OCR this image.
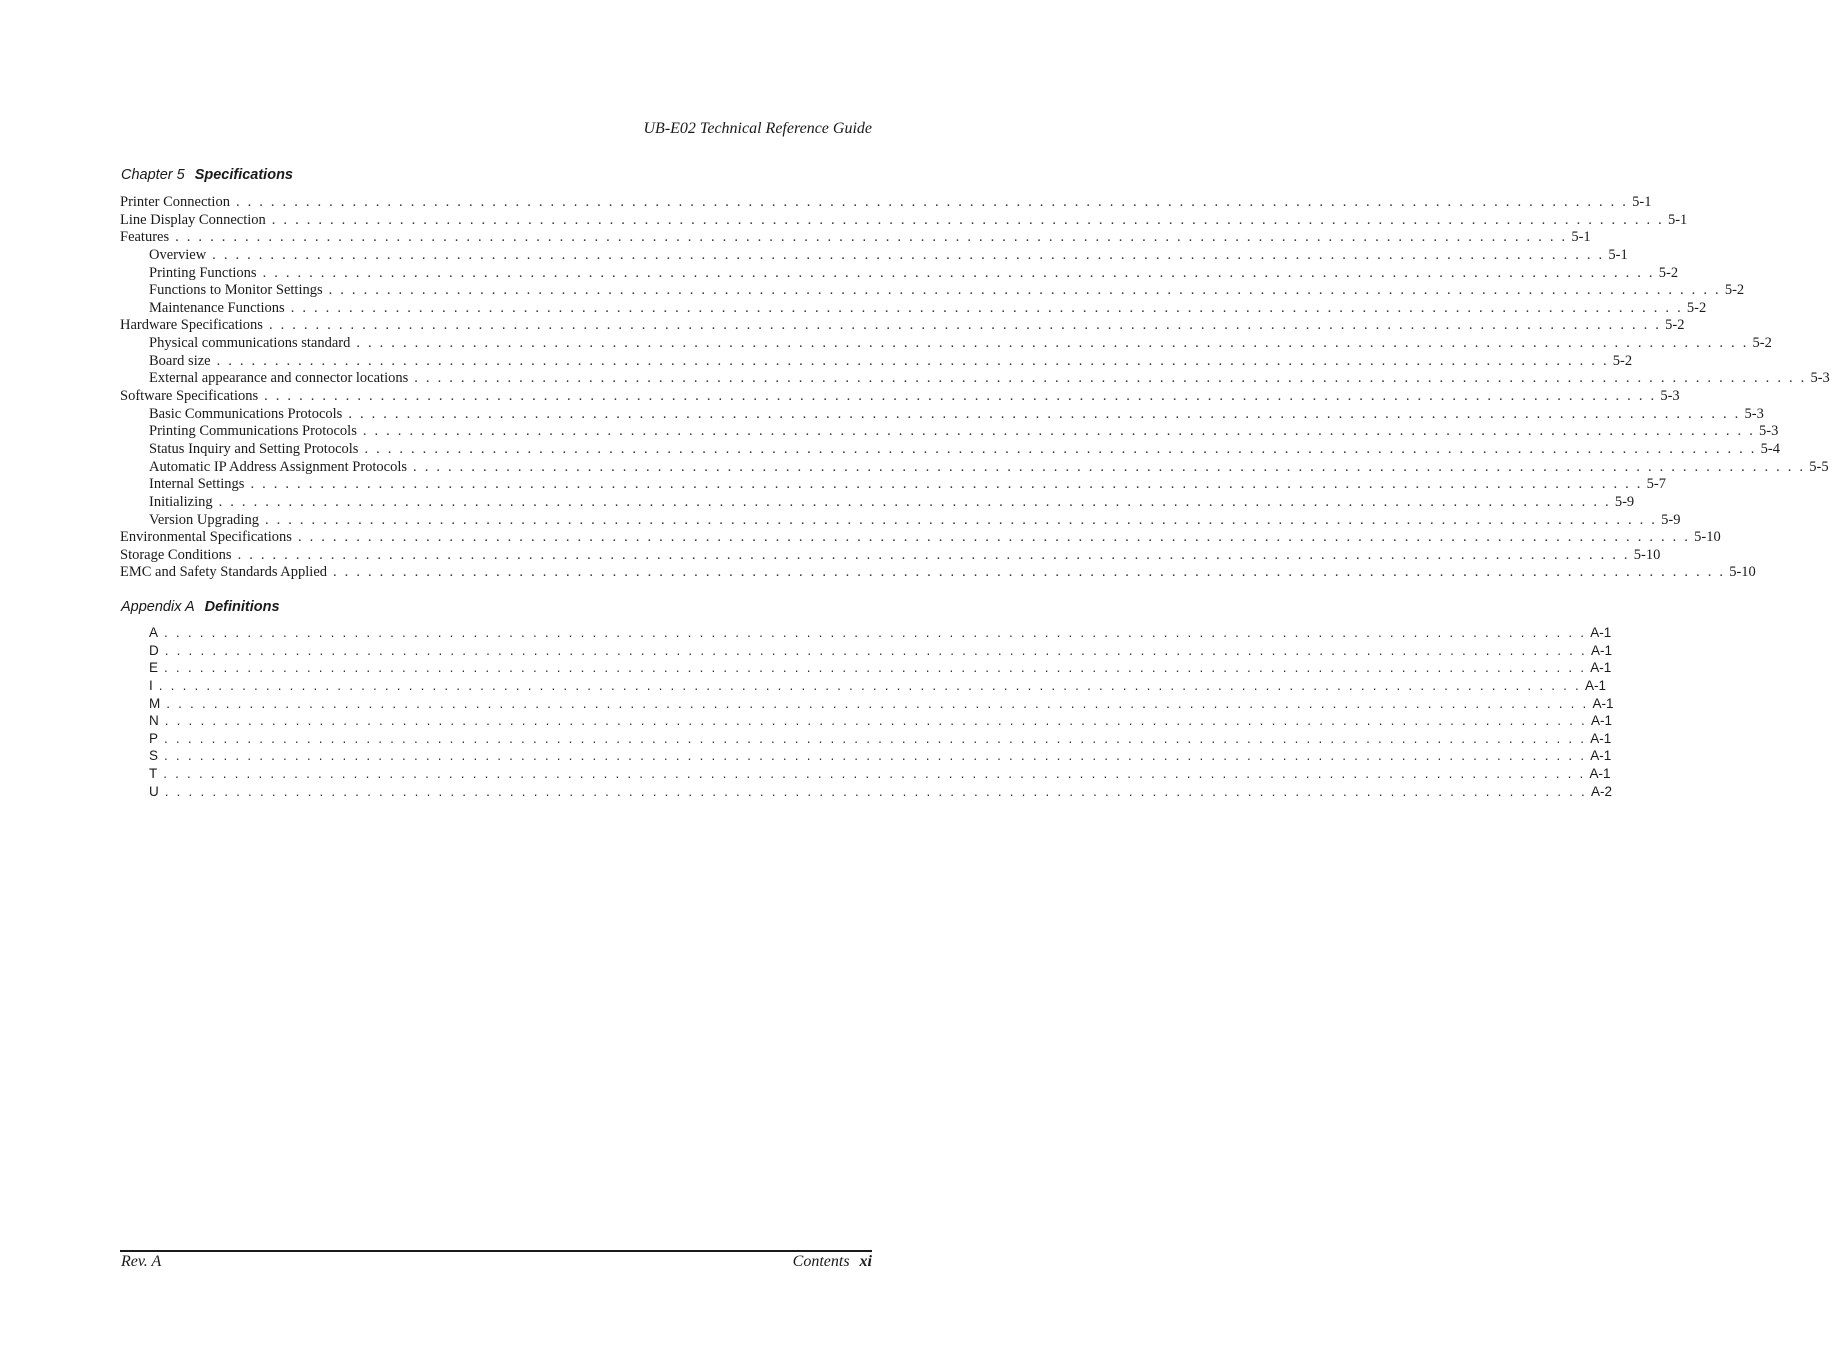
UB-E02 Technical Reference Guide
Chapter 5 Specifications
Printer Connection . . . . . . . . . . . . . . . . . . . . . . . . . . . . . . . . . . . . . . . . . . . . . . . . . . . . . . . . . . . . . . . . . . . . . . . . . . . . . . . . . . . . . . . . . . . . . . . . . . . . . . . . . . . . . . . . . . . . . . . . 5-1
Line Display Connection . . . . . . . . . . . . . . . . . . . . . . . . . . . . . . . . . . . . . . . . . . . . . . . . . . . . . . . . . . . . . . . . . . . . . . . . . . . . . . . . . . . . . . . . . . . . . . . . . . . . . . . . . . . . . . . . . . . . . . . . 5-1
Features . . . . . . . . . . . . . . . . . . . . . . . . . . . . . . . . . . . . . . . . . . . . . . . . . . . . . . . . . . . . . . . . . . . . . . . . . . . . . . . . . . . . . . . . . . . . . . . . . . . . . . . . . . . . . . . . . . . . . . . . 5-1
Overview . . . . . . . . . . . . . . . . . . . . . . . . . . . . . . . . . . . . . . . . . . . . . . . . . . . . . . . . . . . . . . . . . . . . . . . . . . . . . . . . . . . . . . . . . . . . . . . . . . . . . . . . . . . . . . . . . . . . . . . . 5-1
Printing Functions . . . . . . . . . . . . . . . . . . . . . . . . . . . . . . . . . . . . . . . . . . . . . . . . . . . . . . . . . . . . . . . . . . . . . . . . . . . . . . . . . . . . . . . . . . . . . . . . . . . . . . . . . . . . . . . . . . . . . . . . 5-2
Functions to Monitor Settings . . . . . . . . . . . . . . . . . . . . . . . . . . . . . . . . . . . . . . . . . . . . . . . . . . . . . . . . . . . . . . . . . . . . . . . . . . . . . . . . . . . . . . . . . . . . . . . . . . . . . . . . . . . . . . . . . . . . . . . . 5-2
Maintenance Functions . . . . . . . . . . . . . . . . . . . . . . . . . . . . . . . . . . . . . . . . . . . . . . . . . . . . . . . . . . . . . . . . . . . . . . . . . . . . . . . . . . . . . . . . . . . . . . . . . . . . . . . . . . . . . . . . . . . . . . . . 5-2
Hardware Specifications . . . . . . . . . . . . . . . . . . . . . . . . . . . . . . . . . . . . . . . . . . . . . . . . . . . . . . . . . . . . . . . . . . . . . . . . . . . . . . . . . . . . . . . . . . . . . . . . . . . . . . . . . . . . . . . . . . . . . . . . 5-2
Physical communications standard . . . . . . . . . . . . . . . . . . . . . . . . . . . . . . . . . . . . . . . . . . . . . . . . . . . . . . . . . . . . . . . . . . . . . . . . . . . . . . . . . . . . . . . . . . . . . . . . . . . . . . . . . . . . . . . . . . . . . . . . 5-2
Board size . . . . . . . . . . . . . . . . . . . . . . . . . . . . . . . . . . . . . . . . . . . . . . . . . . . . . . . . . . . . . . . . . . . . . . . . . . . . . . . . . . . . . . . . . . . . . . . . . . . . . . . . . . . . . . . . . . . . . . . . 5-2
External appearance and connector locations . . . . . . . . . . . . . . . . . . . . . . . . . . . . . . . . . . . . . . . . . . . . . . . . . . . . . . . . . . . . . . . . . . . . . . . . . . . . . . . . . . . . . . . . . . . . . . . . . . . . . . . . . . . . . . . . . . . . . . . . 5-3
Software Specifications . . . . . . . . . . . . . . . . . . . . . . . . . . . . . . . . . . . . . . . . . . . . . . . . . . . . . . . . . . . . . . . . . . . . . . . . . . . . . . . . . . . . . . . . . . . . . . . . . . . . . . . . . . . . . . . . . . . . . . . . 5-3
Basic Communications Protocols . . . . . . . . . . . . . . . . . . . . . . . . . . . . . . . . . . . . . . . . . . . . . . . . . . . . . . . . . . . . . . . . . . . . . . . . . . . . . . . . . . . . . . . . . . . . . . . . . . . . . . . . . . . . . . . . . . . . . . . . 5-3
Printing Communications Protocols . . . . . . . . . . . . . . . . . . . . . . . . . . . . . . . . . . . . . . . . . . . . . . . . . . . . . . . . . . . . . . . . . . . . . . . . . . . . . . . . . . . . . . . . . . . . . . . . . . . . . . . . . . . . . . . . . . . . . . . . 5-3
Status Inquiry and Setting Protocols . . . . . . . . . . . . . . . . . . . . . . . . . . . . . . . . . . . . . . . . . . . . . . . . . . . . . . . . . . . . . . . . . . . . . . . . . . . . . . . . . . . . . . . . . . . . . . . . . . . . . . . . . . . . . . . . . . . . . . . . 5-4
Automatic IP Address Assignment Protocols . . . . . . . . . . . . . . . . . . . . . . . . . . . . . . . . . . . . . . . . . . . . . . . . . . . . . . . . . . . . . . . . . . . . . . . . . . . . . . . . . . . . . . . . . . . . . . . . . . . . . . . . . . . . . . . . . . . . . . . . 5-5
Internal Settings . . . . . . . . . . . . . . . . . . . . . . . . . . . . . . . . . . . . . . . . . . . . . . . . . . . . . . . . . . . . . . . . . . . . . . . . . . . . . . . . . . . . . . . . . . . . . . . . . . . . . . . . . . . . . . . . . . . . . . . . 5-7
Initializing . . . . . . . . . . . . . . . . . . . . . . . . . . . . . . . . . . . . . . . . . . . . . . . . . . . . . . . . . . . . . . . . . . . . . . . . . . . . . . . . . . . . . . . . . . . . . . . . . . . . . . . . . . . . . . . . . . . . . . . . 5-9
Version Upgrading . . . . . . . . . . . . . . . . . . . . . . . . . . . . . . . . . . . . . . . . . . . . . . . . . . . . . . . . . . . . . . . . . . . . . . . . . . . . . . . . . . . . . . . . . . . . . . . . . . . . . . . . . . . . . . . . . . . . . . . . 5-9
Environmental Specifications . . . . . . . . . . . . . . . . . . . . . . . . . . . . . . . . . . . . . . . . . . . . . . . . . . . . . . . . . . . . . . . . . . . . . . . . . . . . . . . . . . . . . . . . . . . . . . . . . . . . . . . . . . . . . . . . . . . . . . . . 5-10
Storage Conditions . . . . . . . . . . . . . . . . . . . . . . . . . . . . . . . . . . . . . . . . . . . . . . . . . . . . . . . . . . . . . . . . . . . . . . . . . . . . . . . . . . . . . . . . . . . . . . . . . . . . . . . . . . . . . . . . . . . . . . . . 5-10
EMC and Safety Standards Applied . . . . . . . . . . . . . . . . . . . . . . . . . . . . . . . . . . . . . . . . . . . . . . . . . . . . . . . . . . . . . . . . . . . . . . . . . . . . . . . . . . . . . . . . . . . . . . . . . . . . . . . . . . . . . . . . . . . . . . . . 5-10
Appendix A Definitions
A . . . . . . . . . . . . . . . . . . . . . . . . . . . . . . . . . . . . . . . . . . . . . . . . . . . . . . . . . . . . . . . . . . . . . . . . . . . . . . . . . . . . . . . . . . . . . . . . . . . . . . . . . . . . . . . . . . . . . . . . A-1
D . . . . . . . . . . . . . . . . . . . . . . . . . . . . . . . . . . . . . . . . . . . . . . . . . . . . . . . . . . . . . . . . . . . . . . . . . . . . . . . . . . . . . . . . . . . . . . . . . . . . . . . . . . . . . . . . . . . . . . . . A-1
E . . . . . . . . . . . . . . . . . . . . . . . . . . . . . . . . . . . . . . . . . . . . . . . . . . . . . . . . . . . . . . . . . . . . . . . . . . . . . . . . . . . . . . . . . . . . . . . . . . . . . . . . . . . . . . . . . . . . . . . . A-1
I . . . . . . . . . . . . . . . . . . . . . . . . . . . . . . . . . . . . . . . . . . . . . . . . . . . . . . . . . . . . . . . . . . . . . . . . . . . . . . . . . . . . . . . . . . . . . . . . . . . . . . . . . . . . . . . . . . . . . . . . A-1
M . . . . . . . . . . . . . . . . . . . . . . . . . . . . . . . . . . . . . . . . . . . . . . . . . . . . . . . . . . . . . . . . . . . . . . . . . . . . . . . . . . . . . . . . . . . . . . . . . . . . . . . . . . . . . . . . . . . . . . . . A-1
N . . . . . . . . . . . . . . . . . . . . . . . . . . . . . . . . . . . . . . . . . . . . . . . . . . . . . . . . . . . . . . . . . . . . . . . . . . . . . . . . . . . . . . . . . . . . . . . . . . . . . . . . . . . . . . . . . . . . . . . . A-1
P . . . . . . . . . . . . . . . . . . . . . . . . . . . . . . . . . . . . . . . . . . . . . . . . . . . . . . . . . . . . . . . . . . . . . . . . . . . . . . . . . . . . . . . . . . . . . . . . . . . . . . . . . . . . . . . . . . . . . . . . A-1
S . . . . . . . . . . . . . . . . . . . . . . . . . . . . . . . . . . . . . . . . . . . . . . . . . . . . . . . . . . . . . . . . . . . . . . . . . . . . . . . . . . . . . . . . . . . . . . . . . . . . . . . . . . . . . . . . . . . . . . . . A-1
T . . . . . . . . . . . . . . . . . . . . . . . . . . . . . . . . . . . . . . . . . . . . . . . . . . . . . . . . . . . . . . . . . . . . . . . . . . . . . . . . . . . . . . . . . . . . . . . . . . . . . . . . . . . . . . . . . . . . . . . . A-1
U . . . . . . . . . . . . . . . . . . . . . . . . . . . . . . . . . . . . . . . . . . . . . . . . . . . . . . . . . . . . . . . . . . . . . . . . . . . . . . . . . . . . . . . . . . . . . . . . . . . . . . . . . . . . . . . . . . . . . . . . A-2
Rev. A	Contents xi
